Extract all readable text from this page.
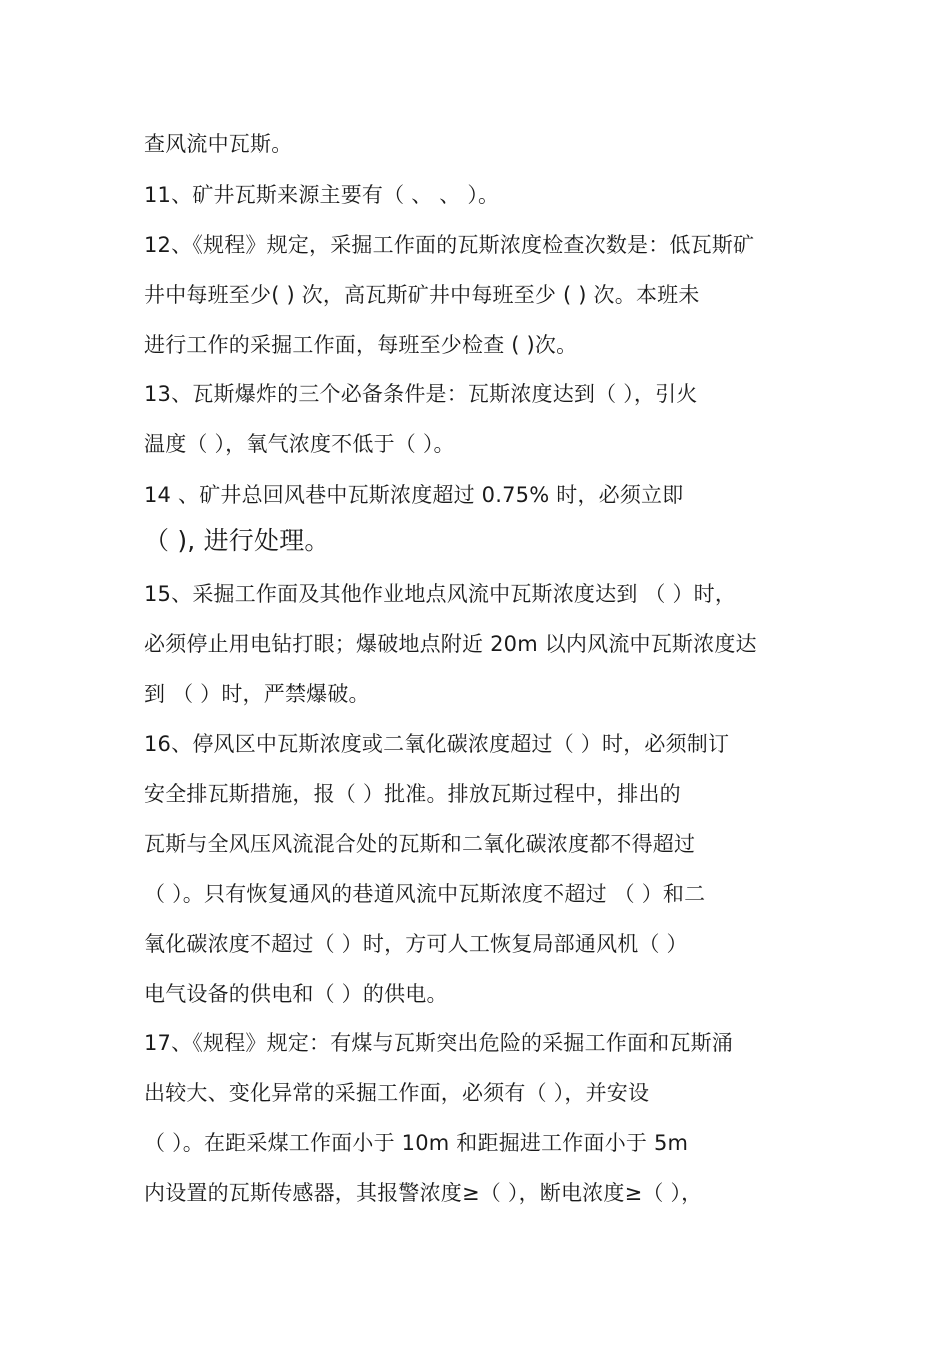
查风流中瓦斯。
11、矿井瓦斯来源主要有（ 、 、 ）。
12、《规程》规定，采掘工作面的瓦斯浓度检查次数是：低瓦斯矿
井中每班至少( ) 次，高瓦斯矿井中每班至少 ( ) 次。本班未
进行工作的采掘工作面，每班至少检查 ( )次。
13、瓦斯爆炸的三个必备条件是：瓦斯浓度达到（ ），引火
温度（ ），氧气浓度不低于（ ）。
14 、矿井总回风巷中瓦斯浓度超过 0.75% 时，必须立即
（ ), 进行处理。
15、采掘工作面及其他作业地点风流中瓦斯浓度达到 （ ）时，
必须停止用电钻打眼；爆破地点附近 20m 以内风流中瓦斯浓度达
到 （ ）时，严禁爆破。
16、停风区中瓦斯浓度或二氧化碳浓度超过（ ）时，必须制订
安全排瓦斯措施，报（ ）批准。排放瓦斯过程中，排出的
瓦斯与全风压风流混合处的瓦斯和二氧化碳浓度都不得超过
（ ）。只有恢复通风的巷道风流中瓦斯浓度不超过 （ ）和二
氧化碳浓度不超过（ ）时，方可人工恢复局部通风机（ ）
电气设备的供电和（ ）的供电。
17、《规程》规定：有煤与瓦斯突出危险的采掘工作面和瓦斯涌
出较大、变化异常的采掘工作面，必须有（ ），并安设
（ ）。在距采煤工作面小于 10m 和距掘进工作面小于 5m
内设置的瓦斯传感器，其报警浓度≥（ ），断电浓度≥（ ），
